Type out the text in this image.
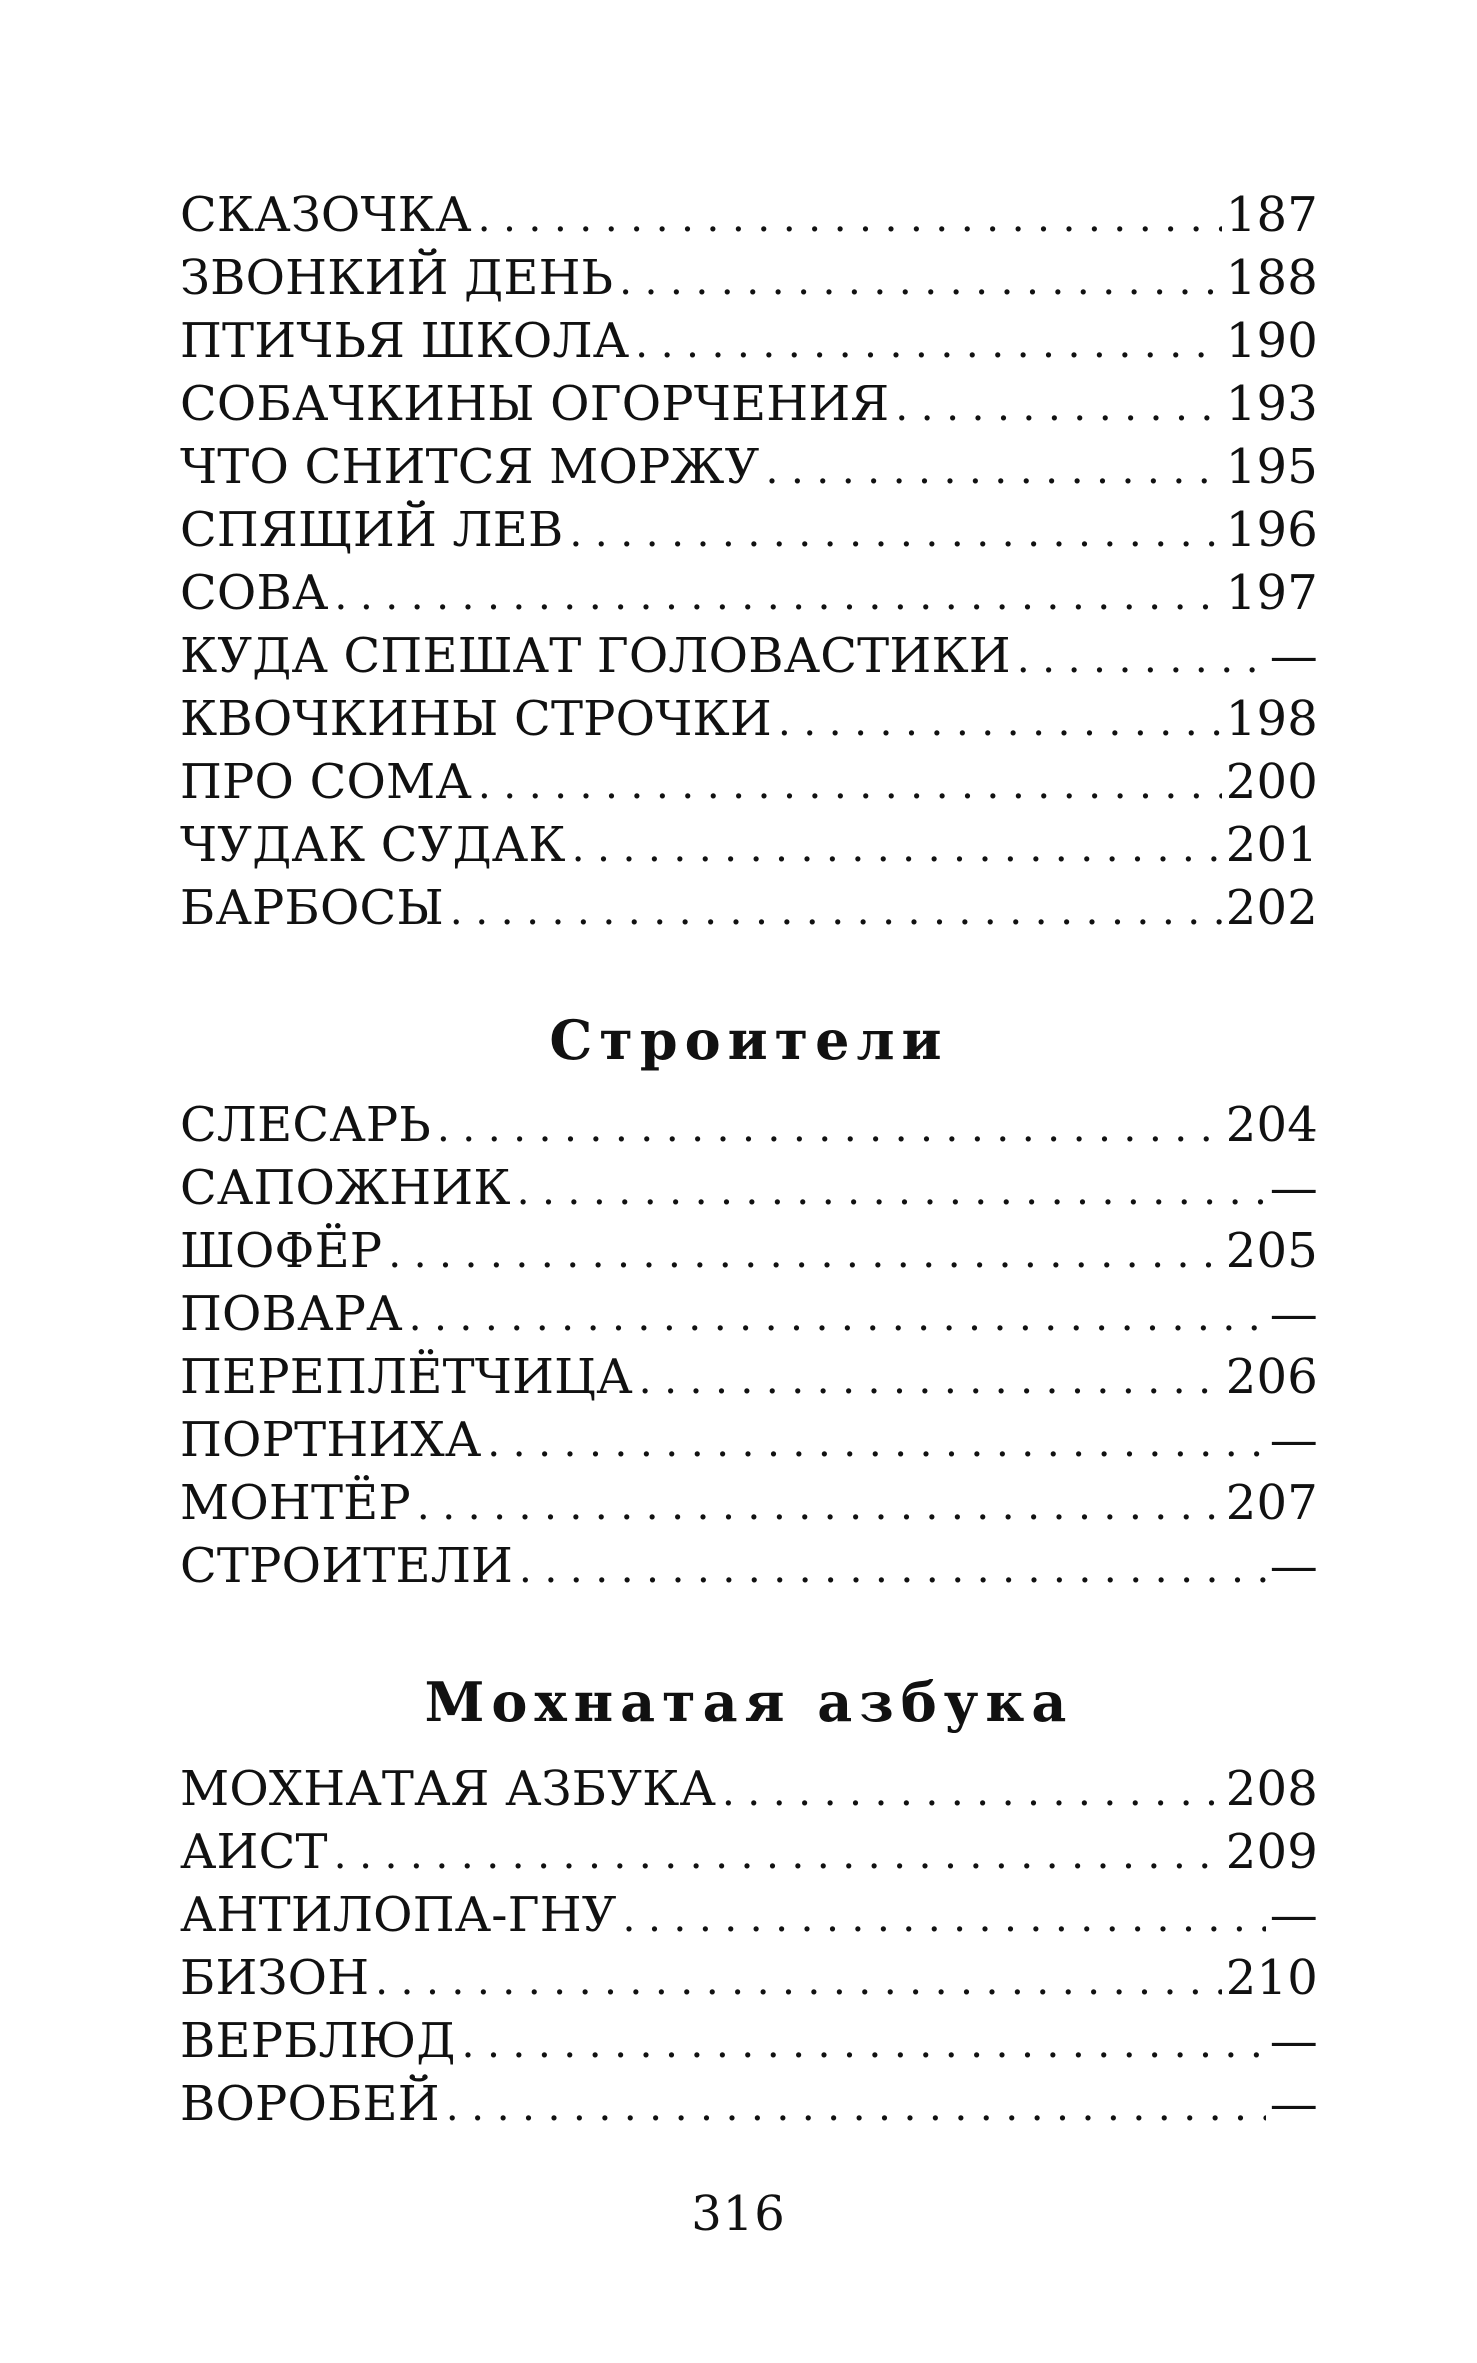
СКАЗОЧКА . . .	187
ЗВОНКИЙ ДЕНЬ . . .	188
ПТИЧЬЯ ШКОЛА . . .	190
СОБАЧКИНЫ ОГОРЧЕНИЯ . . .	193
ЧТО СНИТСЯ МОРЖУ . . .	195
СПЯЩИЙ ЛЕВ . . .	196
СОВА . . .	197
КУДА СПЕШАТ ГОЛОВАСТИКИ . . .	—
КВОЧКИНЫ СТРОЧКИ . . .	198
ПРО СОМА . . .	200
ЧУДАК СУДАК . . .	201
БАРБОСЫ . . .	202
Строители
СЛЕСАРЬ . . .	204
САПОЖНИК . . .	—
ШОФЁР . . .	205
ПОВАРА . . .	—
ПЕРЕПЛЁТЧИЦА . . .	206
ПОРТНИХА . . .	—
МОНТЁР . . .	207
СТРОИТЕЛИ . . .	—
Мохнатая азбука
МОХНАТАЯ АЗБУКА . . .	208
АИСТ . . .	209
АНТИЛОПА-ГНУ . . .	—
БИЗОН . . .	210
ВЕРБЛЮД . . .	—
ВОРОБЕЙ . . .	—
316
